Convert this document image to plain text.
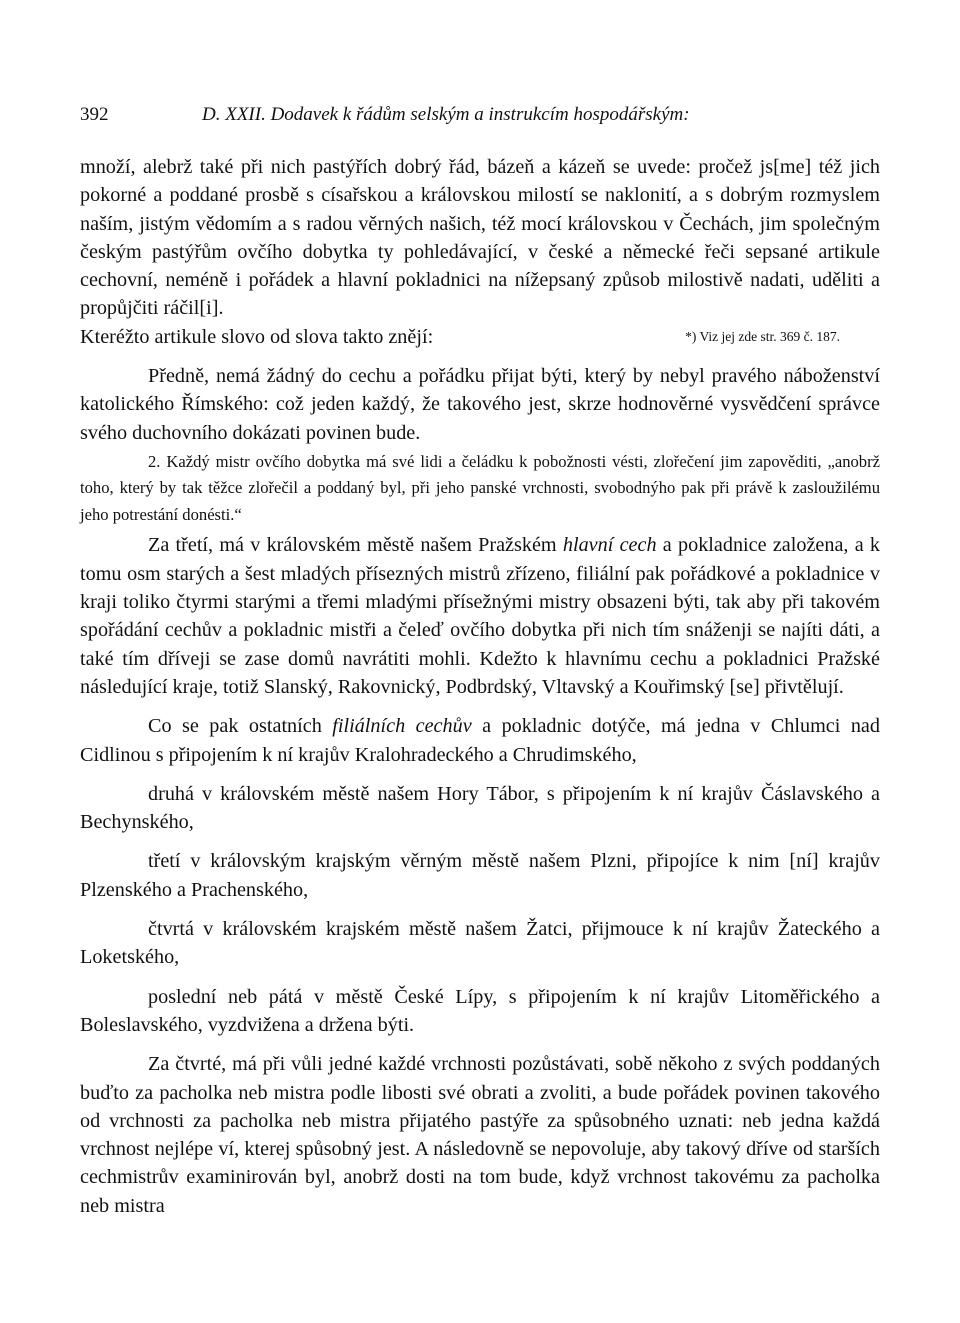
392	D. XXII. Dodavek k řádům selským a instrukcím hospodářským:

množí, alebrž také při nich pastýřích dobrý řád, bázeň a kázeň se uvede: pročež js[me] též jich pokorné a poddané prosbě s císařskou a královskou milostí se naklonití, a s dobrým rozmyslem naším, jistým vědomím a s radou věrných našich, též mocí královskou v Čechách, jim společným českým pastýřům ovčího dobytka ty pohledávající, v české a německé řeči sepsané artikule cechovní, neméně i pořádek a hlavní pokladnici na nížepsaný způsob milostivě nadati, uděliti a propůjčiti ráčil[i].
Kteréžto artikule slovo od slova takto znějí:	*) Viz jej zde str. 369 č. 187.

Předně, nemá žádný do cechu a pořádku přijat býti, který by nebyl pravého náboženství katolického Římského: což jeden každý, že takového jest, skrze hodnověrné vysvědčení správce svého duchovního dokázati povinen bude.

2. Každý mistr ovčího dobytka má své lidi a čeládku k pobožnosti vésti, zlořečení jim zapověditi, „anobrž toho, který by tak těžce zlořečil a poddaný byl, při jeho panské vrchnosti, svobodnýho pak při právě k zasloužilému jeho potrestání donésti.“

Za třetí, má v královském městě našem Pražském hlavní cech a pokladnice založena, a k tomu osm starých a šest mladých přísezných mistrů zřízeno, filiální pak pořádkové a pokladnice v kraji toliko čtyrmi starými a třemi mladými přísežnými mistry obsazeni býti, tak aby při takovém spořádání cechův a pokladnic mistři a čeleď ovčího dobytka při nich tím snáženji se najíti dáti, a také tím dříveji se zase domů navrátiti mohli. Kdežto k hlavnímu cechu a pokladnici Pražské následující kraje, totiž Slanský, Rakovnický, Podbrdský, Vltavský a Kouřimský [se] přivtělují.

Co se pak ostatních filiálních cechův a pokladnic dotýče, má jedna v Chlumci nad Cidlinou s připojením k ní krajův Kralohradeckého a Chrudimského,

druhá v královském městě našem Hory Tábor, s připojením k ní krajův Čáslavského a Bechynského,

třetí v královským krajským věrným městě našem Plzni, připojíce k nim [ní] krajův Plzenského a Prachenského,

čtvrtá v královském krajském městě našem Žatci, přijmouce k ní krajův Žateckého a Loketského,

poslední neb pátá v městě České Lípy, s připojením k ní krajův Litoměřického a Boleslavského, vyzdvižena a držena býti.

Za čtvrté, má při vůli jedné každé vrchnosti pozůstávati, sobě někoho z svých poddaných buďto za pacholka neb mistra podle libosti své obrati a zvoliti, a bude pořádek povinen takového od vrchnosti za pacholka neb mistra přijatého pastýře za spůsobného uznati: neb jedna každá vrchnost nejlépe ví, kterej spůsobný jest. A následovně se nepovoluje, aby takový dříve od starších cechmistrův examinirován byl, anobrž dosti na tom bude, když vrchnost takovému za pacholka neb mistra
